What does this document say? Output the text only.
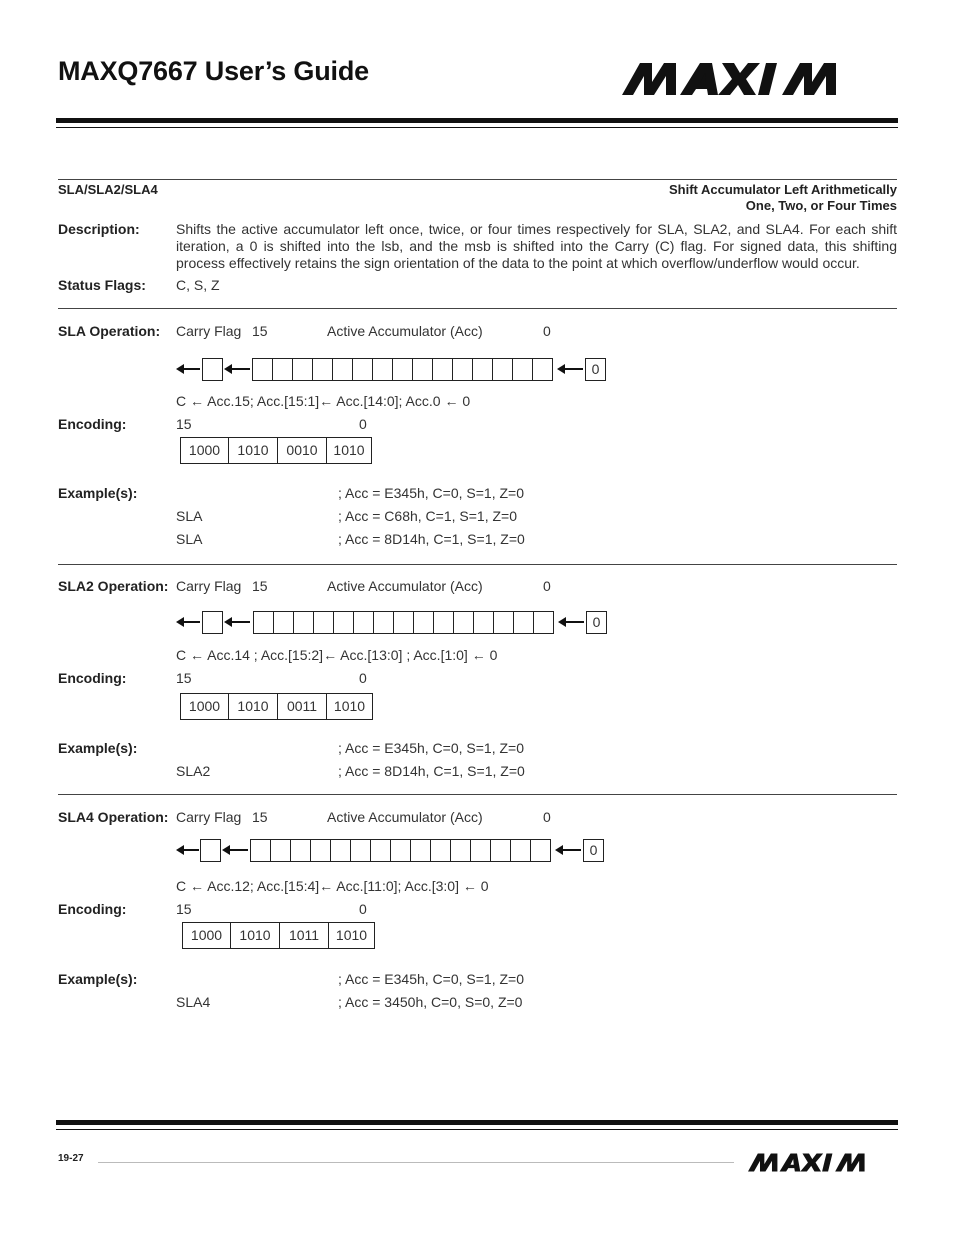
MAXQ7667 User’s Guide
SLA/SLA2/SLA4	Shift Accumulator Left Arithmetically
One, Two, or Four Times
Description:	Shifts the active accumulator left once, twice, or four times respectively for SLA, SLA2, and SLA4. For each shift iteration, a 0 is shifted into the lsb, and the msb is shifted into the Carry (C) flag. For signed data, this shifting process effectively retains the sign orientation of the data to the point at which overflow/underflow would occur.
Status Flags: C, S, Z
SLA Operation: Carry Flag 15	Active Accumulator (Acc)	0
0
C ← Acc.15; Acc.[15:1]← Acc.[14:0]; Acc.0 ← 0
Encoding:	15	0
1000	1010	0010	1010
Example(s):	; Acc = E345h, C=0, S=1, Z=0
SLA	; Acc = C68h, C=1, S=1, Z=0
SLA	; Acc = 8D14h, C=1, S=1, Z=0
SLA2 Operation: Carry Flag 15	Active Accumulator (Acc)	0
0
C ← Acc.14 ; Acc.[15:2]← Acc.[13:0] ; Acc.[1:0] ← 0
Encoding:	15	0
1000	1010	0011	1010
Example(s):	; Acc = E345h, C=0, S=1, Z=0
SLA2	; Acc = 8D14h, C=1, S=1, Z=0
SLA4 Operation: Carry Flag 15	Active Accumulator (Acc)	0
0
C ← Acc.12; Acc.[15:4]← Acc.[11:0]; Acc.[3:0] ← 0
Encoding:	15	0
1000	1010	1011	1010
Example(s):	; Acc = E345h, C=0, S=1, Z=0
SLA4	; Acc = 3450h, C=0, S=0, Z=0
19-27
